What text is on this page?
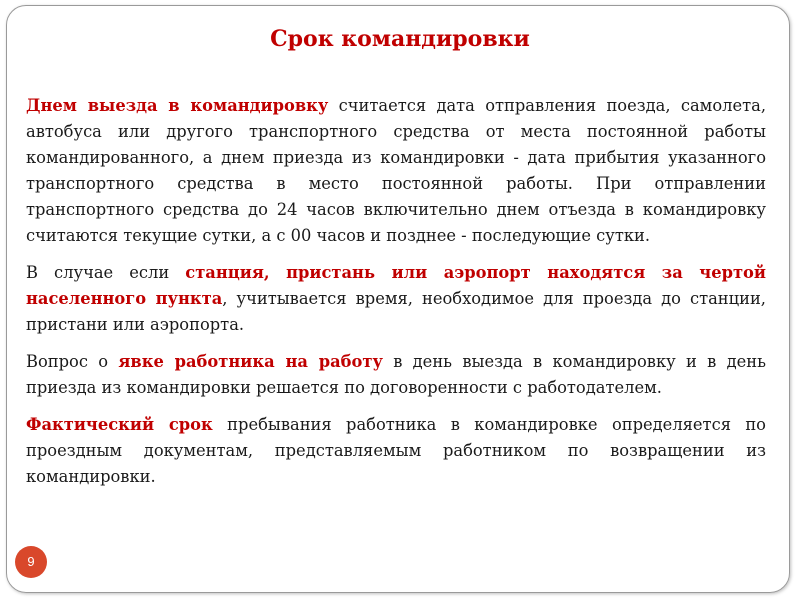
Срок командировки

Днем выезда в командировку считается дата отправления поезда, самолета, автобуса или другого транспортного средства от места постоянной работы командированного, а днем приезда из командировки - дата прибытия указанного транспортного средства в место постоянной работы. При отправлении транспортного средства до 24 часов включительно днем отъезда в командировку считаются текущие сутки, а с 00 часов и позднее - последующие сутки.

В случае если станция, пристань или аэропорт находятся за чертой населенного пункта, учитывается время, необходимое для проезда до станции, пристани или аэропорта.

Вопрос о явке работника на работу в день выезда в командировку и в день приезда из командировки решается по договоренности с работодателем.

Фактический срок пребывания работника в командировке определяется по проездным документам, представляемым работником по возвращении из командировки.

9
